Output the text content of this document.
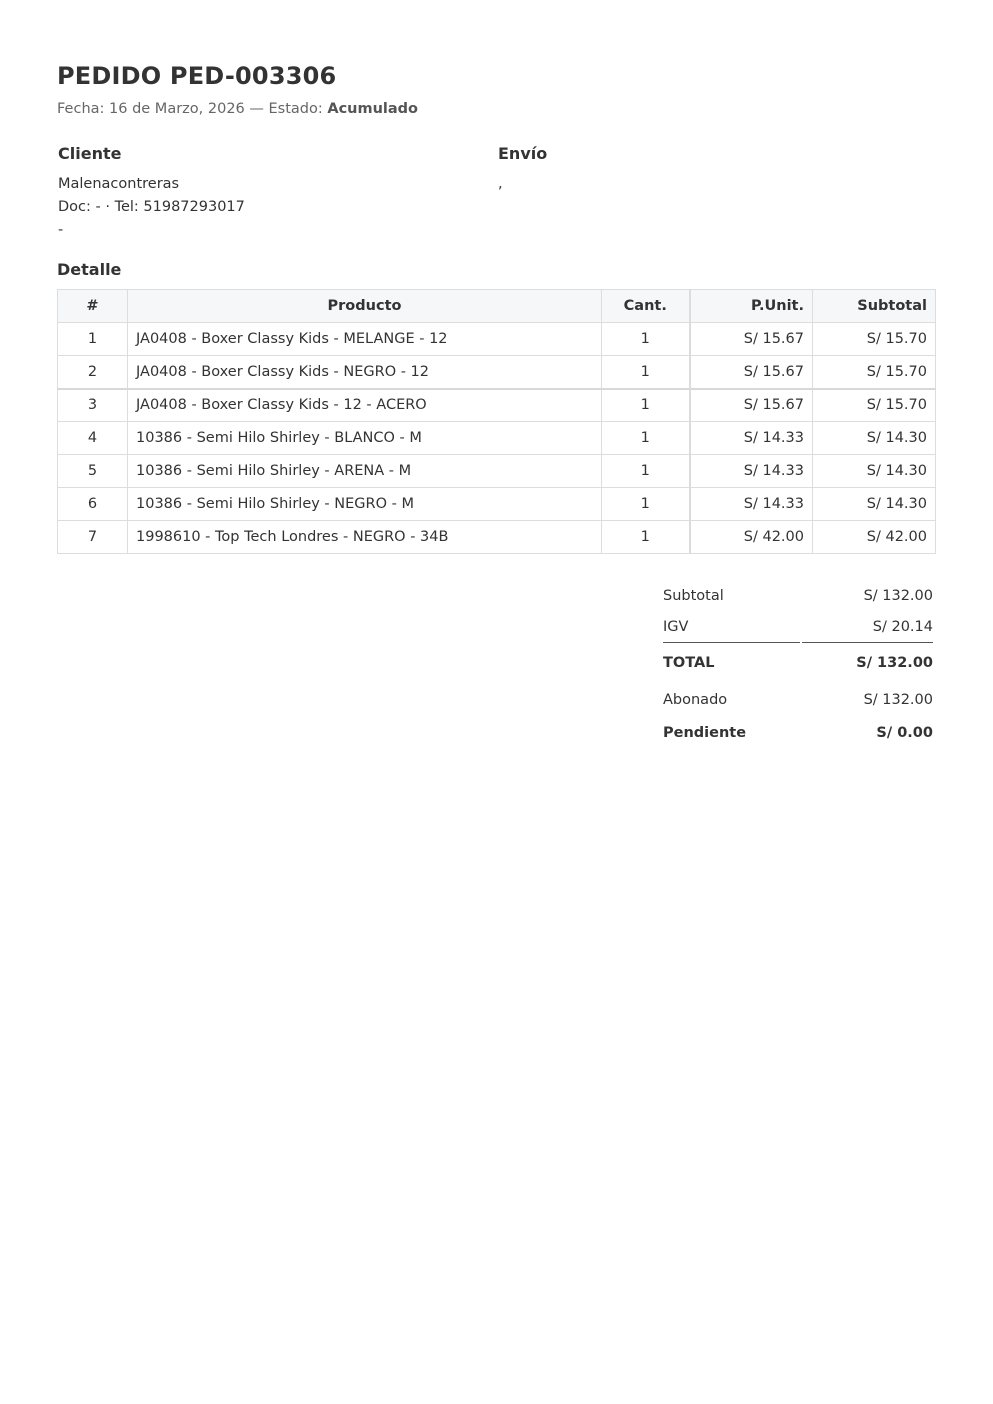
PEDIDO PED-003306
Fecha: 16 de Marzo, 2026 — Estado: Acumulado
Cliente
Malenacontreras
Doc: - · Tel: 51987293017
-
Envío
,
Detalle
#	Producto	Cant.	P.Unit.	Subtotal
1	JA0408 - Boxer Classy Kids - MELANGE - 12	1	S/ 15.67	S/ 15.70
2	JA0408 - Boxer Classy Kids - NEGRO - 12	1	S/ 15.67	S/ 15.70
3	JA0408 - Boxer Classy Kids - 12 - ACERO	1	S/ 15.67	S/ 15.70
4	10386 - Semi Hilo Shirley - BLANCO - M	1	S/ 14.33	S/ 14.30
5	10386 - Semi Hilo Shirley - ARENA - M	1	S/ 14.33	S/ 14.30
6	10386 - Semi Hilo Shirley - NEGRO - M	1	S/ 14.33	S/ 14.30
7	1998610 - Top Tech Londres - NEGRO - 34B	1	S/ 42.00	S/ 42.00
Subtotal	S/ 132.00
IGV	S/ 20.14
TOTAL	S/ 132.00
Abonado	S/ 132.00
Pendiente	S/ 0.00
